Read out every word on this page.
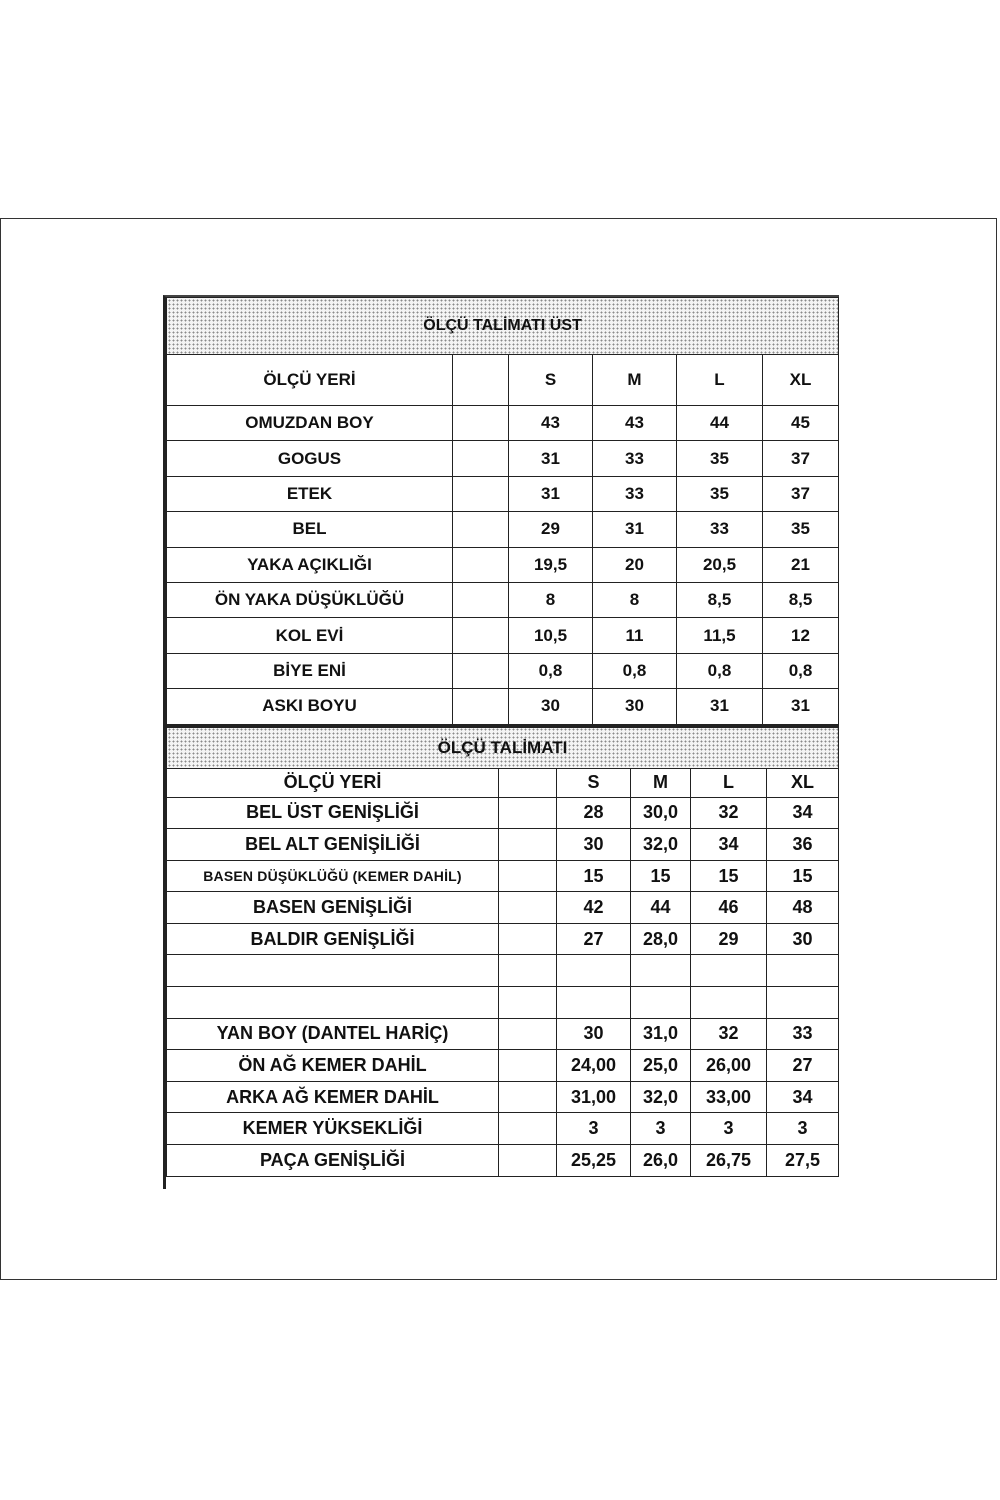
ÖLÇÜ TALİMATI ÜST					
ÖLÇÜ YERİ		S	M	L	XL
OMUZDAN BOY		43	43	44	45
GOGUS		31	33	35	37
ETEK		31	33	35	37
BEL		29	31	33	35
YAKA AÇIKLIĞI		19,5	20	20,5	21
ÖN YAKA DÜŞÜKLÜĞÜ		8	8	8,5	8,5
KOL EVİ		10,5	11	11,5	12
BİYE ENİ		0,8	0,8	0,8	0,8
ASKI BOYU		30	30	31	31
ÖLÇÜ TALİMATI					
ÖLÇÜ YERİ		S	M	L	XL
BEL ÜST GENİŞLİĞİ		28	30,0	32	34
BEL ALT GENİŞİLİĞİ		30	32,0	34	36
BASEN DÜŞÜKLÜĞÜ (KEMER DAHİL)		15	15	15	15
BASEN GENİŞLİĞİ		42	44	46	48
BALDIR GENİŞLİĞİ		27	28,0	29	30

YAN BOY (DANTEL HARİÇ)		30	31,0	32	33
ÖN AĞ KEMER DAHİL		24,00	25,0	26,00	27
ARKA AĞ KEMER DAHİL		31,00	32,0	33,00	34
KEMER YÜKSEKLİĞİ		3	3	3	3
PAÇA GENİŞLİĞİ		25,25	26,0	26,75	27,5
